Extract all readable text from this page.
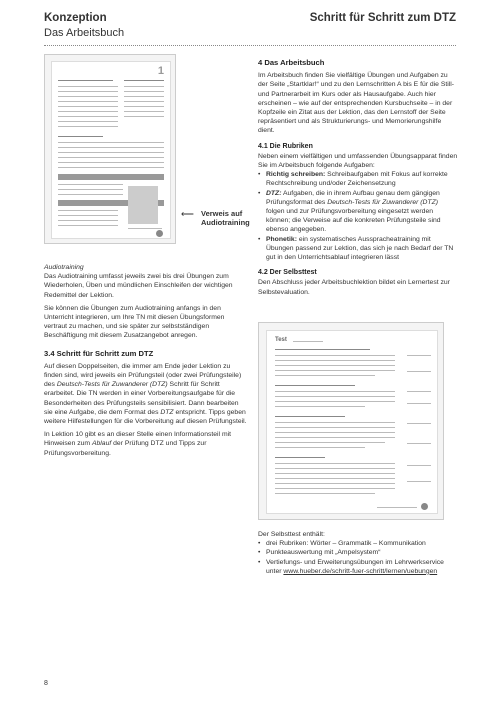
Konzeption
Das Arbeitsbuch
Schritt für Schritt zum DTZ
1
⟵ Verweis auf
Audiotraining
Audiotraining

Das Audiotraining umfasst jeweils zwei bis drei Übungen zum Wiederholen, Üben und mündlichen Einschleifen der wichtigen Redemittel der Lektion.

Sie können die Übungen zum Audiotraining anfangs in den Unterricht integrieren, um Ihre TN mit diesen Übungsformen vertraut zu machen, und sie später zur selbstständigen Beschäftigung mit diesem Zusatzangebot anregen.

3.4 Schritt für Schritt zum DTZ

Auf diesen Doppelseiten, die immer am Ende jeder Lektion zu finden sind, wird jeweils ein Prüfungsteil (oder zwei Prüfungsteile) des Deutsch-Tests für Zuwanderer (DTZ) Schritt für Schritt erarbeitet. Die TN werden in einer Vorbereitungsaufgabe für die Besonderheiten des Prüfungsteils sensibilisiert. Dann bearbeiten sie eine Aufgabe, die dem Format des DTZ entspricht. Tipps geben weitere Hilfestellungen für die Vorbereitung auf diesen Prüfungsteil.

In Lektion 10 gibt es an dieser Stelle einen Informationsteil mit Hinweisen zum Ablauf der Prüfung DTZ und Tipps zur Prüfungsvorbereitung.

4 Das Arbeitsbuch

Im Arbeitsbuch finden Sie vielfältige Übungen und Aufgaben zu der Seite „Startklar!“ und zu den Lernschritten A bis E für die Still- und Partnerarbeit im Kurs oder als Hausaufgabe. Auch hier erscheinen – wie auf der entsprechenden Kursbuchseite – in der Kopfzeile ein Zitat aus der Lektion, das den Lernstoff der Seite repräsentiert und als Strukturierungs- und Memorierungshilfe dient.

4.1 Die Rubriken
Neben einem vielfältigen und umfassenden Übungsapparat finden Sie im Arbeitsbuch folgende Aufgaben:
• Richtig schreiben: Schreibaufgaben mit Fokus auf korrekte Rechtschreibung und/oder Zeichensetzung
• DTZ: Aufgaben, die in ihrem Aufbau genau dem gängigen Prüfungsformat des Deutsch-Tests für Zuwanderer (DTZ) folgen und zur Prüfungsvorbereitung eingesetzt werden können; die Verweise auf die konkreten Prüfungsteile sind ebenso angegeben.
• Phonetik: ein systematisches Ausspracheatraining mit Übungen passend zur Lektion, das sich je nach Bedarf der TN gut in den Unterrichtsablauf integrieren lässt
4.2 Der Selbsttest

Den Abschluss jeder Arbeitsbuchlektion bildet ein Lernertest zur Selbstevaluation.

Test
Der Selbsttest enthält:
• drei Rubriken: Wörter – Grammatik – Kommunikation
• Punkteauswertung mit „Ampelsystem“
• Vertiefungs- und Erweiterungsübungen im Lehrwerkservice unter www.hueber.de/schritt-fuer-schritt/lernen/uebungen
8
